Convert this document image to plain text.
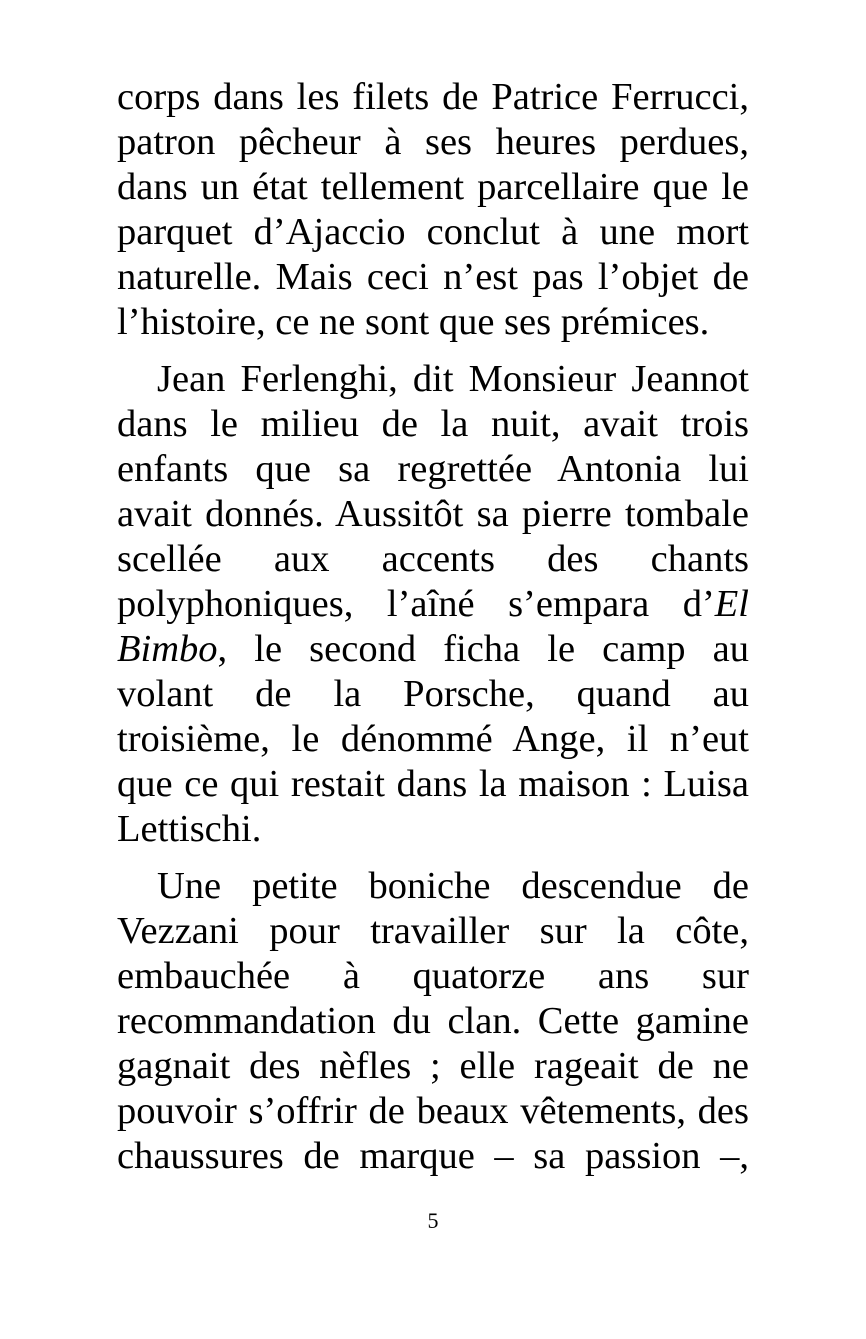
corps dans les filets de Patrice Ferrucci,
patron pêcheur à ses heures perdues,
dans un état tellement parcellaire que le
parquet d’Ajaccio conclut à une mort
naturelle. Mais ceci n’est pas l’objet de
l’histoire, ce ne sont que ses prémices.
Jean Ferlenghi, dit Monsieur Jeannot
dans le milieu de la nuit, avait trois
enfants que sa regrettée Antonia lui
avait donnés. Aussitôt sa pierre tombale
scellée aux accents des chants
polyphoniques, l’aîné s’empara d’El
Bimbo, le second ficha le camp au
volant de la Porsche, quand au
troisième, le dénommé Ange, il n’eut
que ce qui restait dans la maison : Luisa
Lettischi.
Une petite boniche descendue de
Vezzani pour travailler sur la côte,
embauchée à quatorze ans sur
recommandation du clan. Cette gamine
gagnait des nèfles ; elle rageait de ne
pouvoir s’offrir de beaux vêtements, des
chaussures de marque – sa passion –,
5
